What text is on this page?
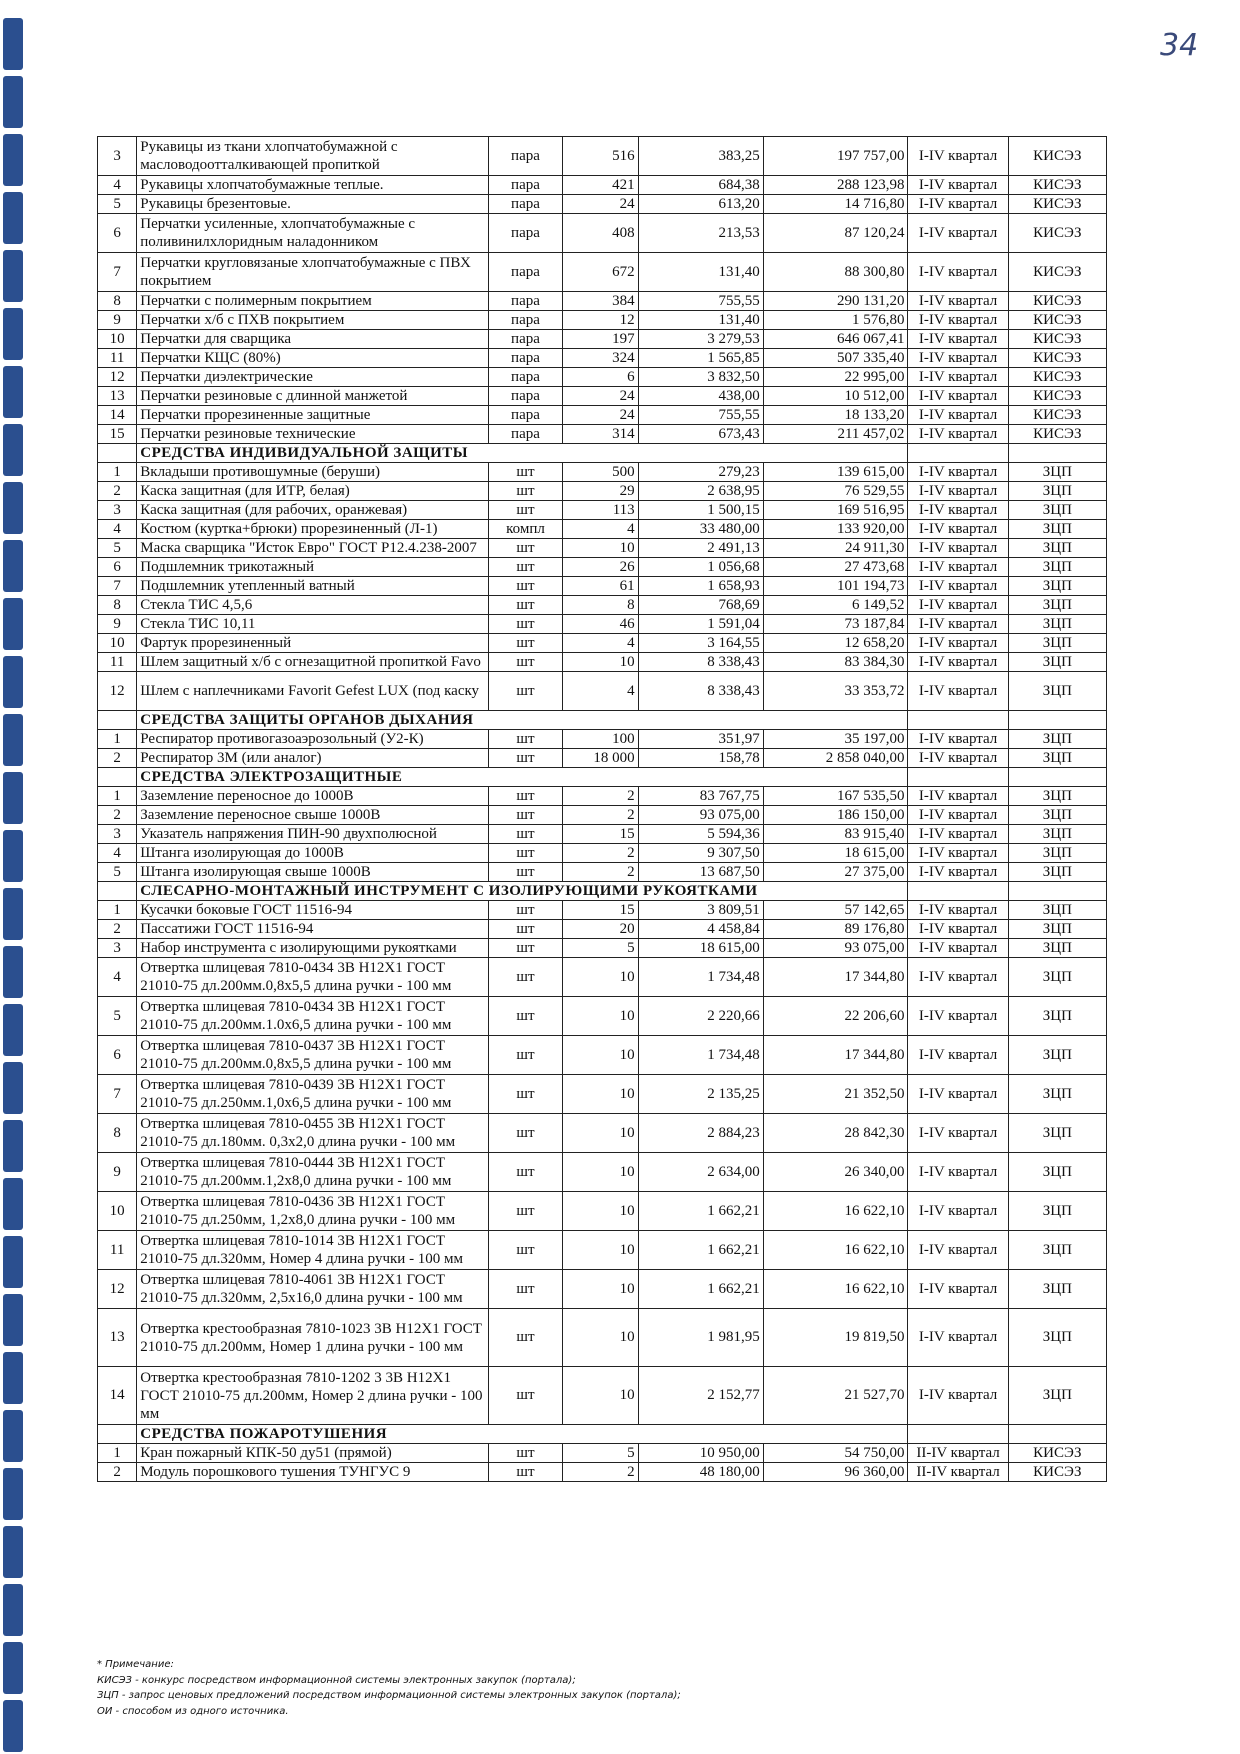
34
3	Рукавицы из ткани хлопчатобумажной с масловодоотталкивающей пропиткой	пара	516	383,25	197 757,00	I-IV квартал	КИСЭЗ
4	Рукавицы хлопчатобумажные теплые.	пара	421	684,38	288 123,98	I-IV квартал	КИСЭЗ
5	Рукавицы брезентовые.	пара	24	613,20	14 716,80	I-IV квартал	КИСЭЗ
6	Перчатки усиленные, хлопчатобумажные с поливинилхлоридным наладонником	пара	408	213,53	87 120,24	I-IV квартал	КИСЭЗ
7	Перчатки кругловязаные хлопчатобумажные с ПВХ покрытием	пара	672	131,40	88 300,80	I-IV квартал	КИСЭЗ
8	Перчатки с полимерным покрытием	пара	384	755,55	290 131,20	I-IV квартал	КИСЭЗ
9	Перчатки х/б с ПХВ покрытием	пара	12	131,40	1 576,80	I-IV квартал	КИСЭЗ
10	Перчатки для сварщика	пара	197	3 279,53	646 067,41	I-IV квартал	КИСЭЗ
11	Перчатки КЩС (80%)	пара	324	1 565,85	507 335,40	I-IV квартал	КИСЭЗ
12	Перчатки диэлектрические	пара	6	3 832,50	22 995,00	I-IV квартал	КИСЭЗ
13	Перчатки резиновые с длинной манжетой	пара	24	438,00	10 512,00	I-IV квартал	КИСЭЗ
14	Перчатки прорезиненные защитные	пара	24	755,55	18 133,20	I-IV квартал	КИСЭЗ
15	Перчатки резиновые технические	пара	314	673,43	211 457,02	I-IV квартал	КИСЭЗ
	СРЕДСТВА ИНДИВИДУАЛЬНОЙ ЗАЩИТЫ						
1	Вкладыши противошумные (беруши)	шт	500	279,23	139 615,00	I-IV квартал	ЗЦП
2	Каска защитная (для ИТР, белая)	шт	29	2 638,95	76 529,55	I-IV квартал	ЗЦП
3	Каска защитная (для рабочих, оранжевая)	шт	113	1 500,15	169 516,95	I-IV квартал	ЗЦП
4	Костюм (куртка+брюки) прорезиненный (Л-1)	компл	4	33 480,00	133 920,00	I-IV квартал	ЗЦП
5	Маска сварщика "Исток Евро" ГОСТ Р12.4.238-2007	шт	10	2 491,13	24 911,30	I-IV квартал	ЗЦП
6	Подшлемник трикотажный	шт	26	1 056,68	27 473,68	I-IV квартал	ЗЦП
7	Подшлемник утепленный ватный	шт	61	1 658,93	101 194,73	I-IV квартал	ЗЦП
8	Стекла ТИС 4,5,6	шт	8	768,69	6 149,52	I-IV квартал	ЗЦП
9	Стекла ТИС 10,11	шт	46	1 591,04	73 187,84	I-IV квартал	ЗЦП
10	Фартук прорезиненный	шт	4	3 164,55	12 658,20	I-IV квартал	ЗЦП
11	Шлем защитный х/б с огнезащитной пропиткой Favo	шт	10	8 338,43	83 384,30	I-IV квартал	ЗЦП
12	Шлем с наплечниками Favorit Gefest LUX (под каску	шт	4	8 338,43	33 353,72	I-IV квартал	ЗЦП
	СРЕДСТВА ЗАЩИТЫ ОРГАНОВ ДЫХАНИЯ						
1	Респиратор противогазоаэрозольный (У2-К)	шт	100	351,97	35 197,00	I-IV квартал	ЗЦП
2	Респиратор 3М (или аналог)	шт	18 000	158,78	2 858 040,00	I-IV квартал	ЗЦП
	СРЕДСТВА ЭЛЕКТРОЗАЩИТНЫЕ						
1	Заземление переносное до 1000В	шт	2	83 767,75	167 535,50	I-IV квартал	ЗЦП
2	Заземление переносное свыше 1000В	шт	2	93 075,00	186 150,00	I-IV квартал	ЗЦП
3	Указатель напряжения ПИН-90 двухполюсной	шт	15	5 594,36	83 915,40	I-IV квартал	ЗЦП
4	Штанга изолирующая до 1000В	шт	2	9 307,50	18 615,00	I-IV квартал	ЗЦП
5	Штанга изолирующая свыше 1000В	шт	2	13 687,50	27 375,00	I-IV квартал	ЗЦП
	СЛЕСАРНО-МОНТАЖНЫЙ ИНСТРУМЕНТ С ИЗОЛИРУЮЩИМИ РУКОЯТКАМИ						
1	Кусачки боковые ГОСТ 11516-94	шт	15	3 809,51	57 142,65	I-IV квартал	ЗЦП
2	Пассатижи ГОСТ 11516-94	шт	20	4 458,84	89 176,80	I-IV квартал	ЗЦП
3	Набор инструмента с изолирующими рукоятками	шт	5	18 615,00	93 075,00	I-IV квартал	ЗЦП
4	Отвертка шлицевая 7810-0434 3В Н12Х1 ГОСТ 21010-75 дл.200мм.0,8х5,5 длина ручки - 100 мм	шт	10	1 734,48	17 344,80	I-IV квартал	ЗЦП
5	Отвертка шлицевая 7810-0434 3В Н12Х1 ГОСТ 21010-75 дл.200мм.1.0х6,5 длина ручки - 100 мм	шт	10	2 220,66	22 206,60	I-IV квартал	ЗЦП
6	Отвертка шлицевая 7810-0437 3В Н12Х1 ГОСТ 21010-75 дл.200мм.0,8х5,5 длина ручки - 100 мм	шт	10	1 734,48	17 344,80	I-IV квартал	ЗЦП
7	Отвертка шлицевая 7810-0439 3В Н12Х1 ГОСТ 21010-75 дл.250мм.1,0х6,5 длина ручки - 100 мм	шт	10	2 135,25	21 352,50	I-IV квартал	ЗЦП
8	Отвертка шлицевая 7810-0455 3В Н12Х1 ГОСТ 21010-75 дл.180мм. 0,3х2,0 длина ручки - 100 мм	шт	10	2 884,23	28 842,30	I-IV квартал	ЗЦП
9	Отвертка шлицевая 7810-0444 3В Н12Х1 ГОСТ 21010-75 дл.200мм.1,2х8,0 длина ручки - 100 мм	шт	10	2 634,00	26 340,00	I-IV квартал	ЗЦП
10	Отвертка шлицевая 7810-0436 3В Н12Х1 ГОСТ 21010-75 дл.250мм, 1,2х8,0 длина ручки - 100 мм	шт	10	1 662,21	16 622,10	I-IV квартал	ЗЦП
11	Отвертка шлицевая 7810-1014 3В Н12Х1 ГОСТ 21010-75 дл.320мм, Номер 4 длина ручки - 100 мм	шт	10	1 662,21	16 622,10	I-IV квартал	ЗЦП
12	Отвертка шлицевая 7810-4061 3В Н12Х1 ГОСТ 21010-75 дл.320мм, 2,5х16,0 длина ручки - 100 мм	шт	10	1 662,21	16 622,10	I-IV квартал	ЗЦП
13	Отвертка крестообразная 7810-1023 3В Н12Х1 ГОСТ 21010-75 дл.200мм, Номер 1 длина ручки - 100 мм	шт	10	1 981,95	19 819,50	I-IV квартал	ЗЦП
14	Отвертка крестообразная 7810-1202 3 3В Н12Х1 ГОСТ 21010-75 дл.200мм, Номер 2 длина ручки - 100 мм	шт	10	2 152,77	21 527,70	I-IV квартал	ЗЦП
	СРЕДСТВА ПОЖАРОТУШЕНИЯ						
1	Кран пожарный КПК-50 ду51 (прямой)	шт	5	10 950,00	54 750,00	II-IV квартал	КИСЭЗ
2	Модуль порошкового тушения ТУНГУС 9	шт	2	48 180,00	96 360,00	II-IV квартал	КИСЭЗ
* Примечание:
КИСЭЗ - конкурс посредством информационной системы электронных закупок (портала);
ЗЦП - запрос ценовых предложений посредством информационной системы электронных закупок (портала);
ОИ - способом из одного источника.
